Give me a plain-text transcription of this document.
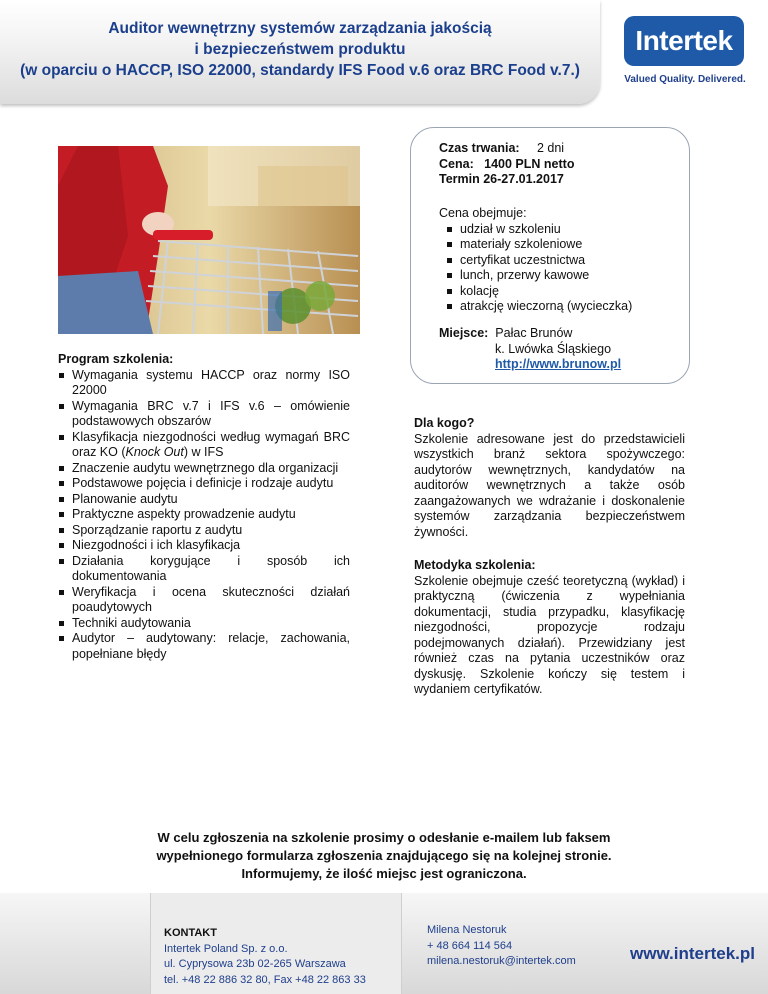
Auditor wewnętrzny systemów zarządzania jakością
i bezpieczeństwem produktu
(w oparciu o HACCP, ISO 22000, standardy IFS Food v.6 oraz BRC Food v.7.)
Intertek
Valued Quality. Delivered.
Czas trwania: 2 dni
Cena:   1400 PLN netto
Termin 26-27.01.2017
Cena obejmuje:
udział w szkoleniu
materiały szkoleniowe
certyfikat uczestnictwa
lunch, przerwy kawowe
kolację
atrakcję wieczorną (wycieczka)
Miejsce: Pałac Brunów
k. Lwówka Śląskiego
http://www.brunow.pl
Program szkolenia:
Wymagania systemu HACCP oraz normy ISO 22000
Wymagania BRC v.7 i IFS v.6 – omówienie podstawowych obszarów
Klasyfikacja niezgodności według wymagań BRC oraz KO (Knock Out) w IFS
Znaczenie audytu wewnętrznego dla organizacji
Podstawowe pojęcia i definicje i rodzaje audytu
Planowanie audytu
Praktyczne aspekty prowadzenie audytu
Sporządzanie raportu z audytu
Niezgodności i ich klasyfikacja
Działania korygujące i sposób ich dokumentowania
Weryfikacja i ocena skuteczności działań poaudytowych
Techniki audytowania
Audytor – audytowany: relacje, zachowania, popełniane błędy
Dla kogo?

Szkolenie adresowane jest do przedstawicieli wszystkich branż sektora spożywczego: audytorów wewnętrznych, kandydatów na auditorów wewnętrznych a także osób zaangażowanych we wdrażanie i doskonalenie systemów zarządzania bezpieczeństwem żywności.

Metodyka szkolenia:

Szkolenie obejmuje cześć teoretyczną (wykład) i praktyczną (ćwiczenia z wypełniania dokumentacji, studia przypadku, klasyfikację niezgodności, propozycje rodzaju podejmowanych działań). Przewidziany jest również czas na pytania uczestników oraz dyskusję. Szkolenie kończy się testem i wydaniem certyfikatów.

W celu zgłoszenia na szkolenie prosimy o odesłanie e-mailem lub faksem
wypełnionego formularza zgłoszenia znajdującego się na kolejnej stronie.
Informujemy, że ilość miejsc jest ograniczona.
KONTAKT
Intertek Poland Sp. z o.o.
ul. Cyprysowa 23b 02-265 Warszawa
tel. +48 22 886 32 80, Fax +48 22 863 33
Milena Nestoruk
+ 48 664 114 564
milena.nestoruk@intertek.com	www.intertek.pl
